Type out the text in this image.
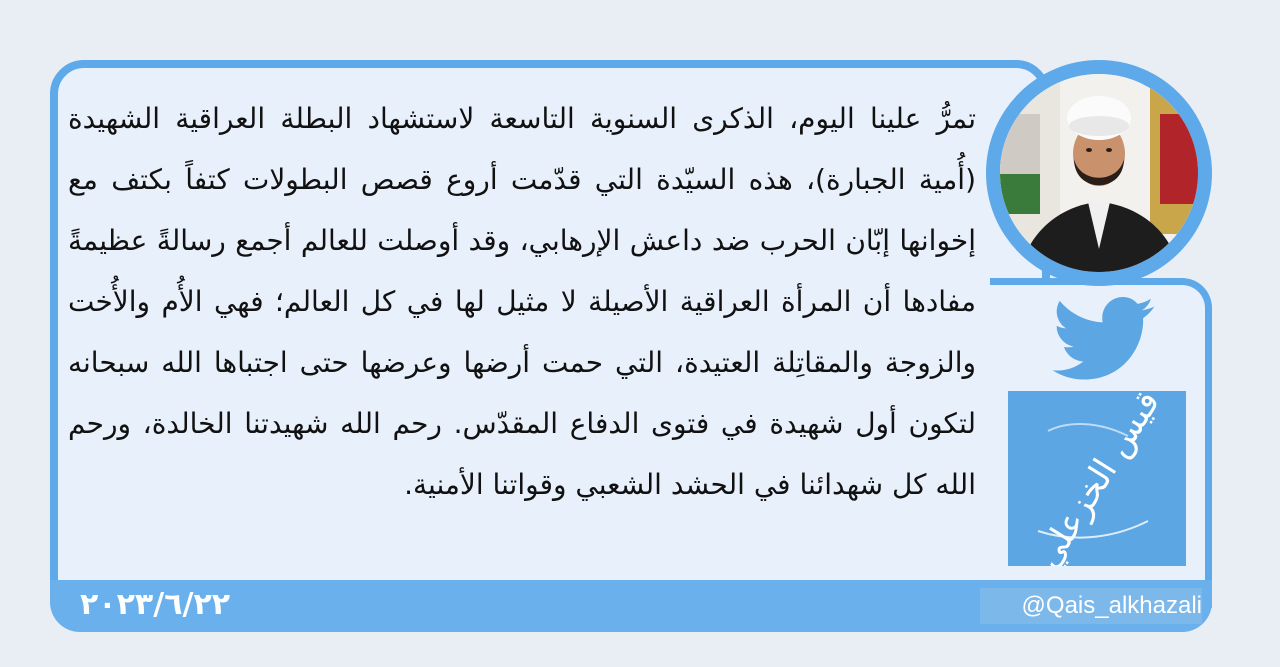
٢٠٢٣/٦/٢٢	@Qais_alkhazali
قيس الخزعلي
تمرُّ علينا اليوم، الذكرى السنوية التاسعة لاستشهاد البطلة العراقية الشهيدة (أُمية الجبارة)، هذه السيّدة التي قدّمت أروع قصص البطولات كتفاً بكتف مع إخوانها إبّان الحرب ضد داعش الإرهابي، وقد أوصلت للعالم أجمع رسالةً عظيمةً مفادها أن المرأة العراقية الأصيلة لا مثيل لها في كل العالم؛ فهي الأُم والأُخت والزوجة والمقاتِلة العتيدة، التي حمت أرضها وعرضها حتى اجتباها الله سبحانه لتكون أول شهيدة في فتوى الدفاع المقدّس. رحم الله شهيدتنا الخالدة، ورحم الله كل شهدائنا في الحشد الشعبي وقواتنا الأمنية.
